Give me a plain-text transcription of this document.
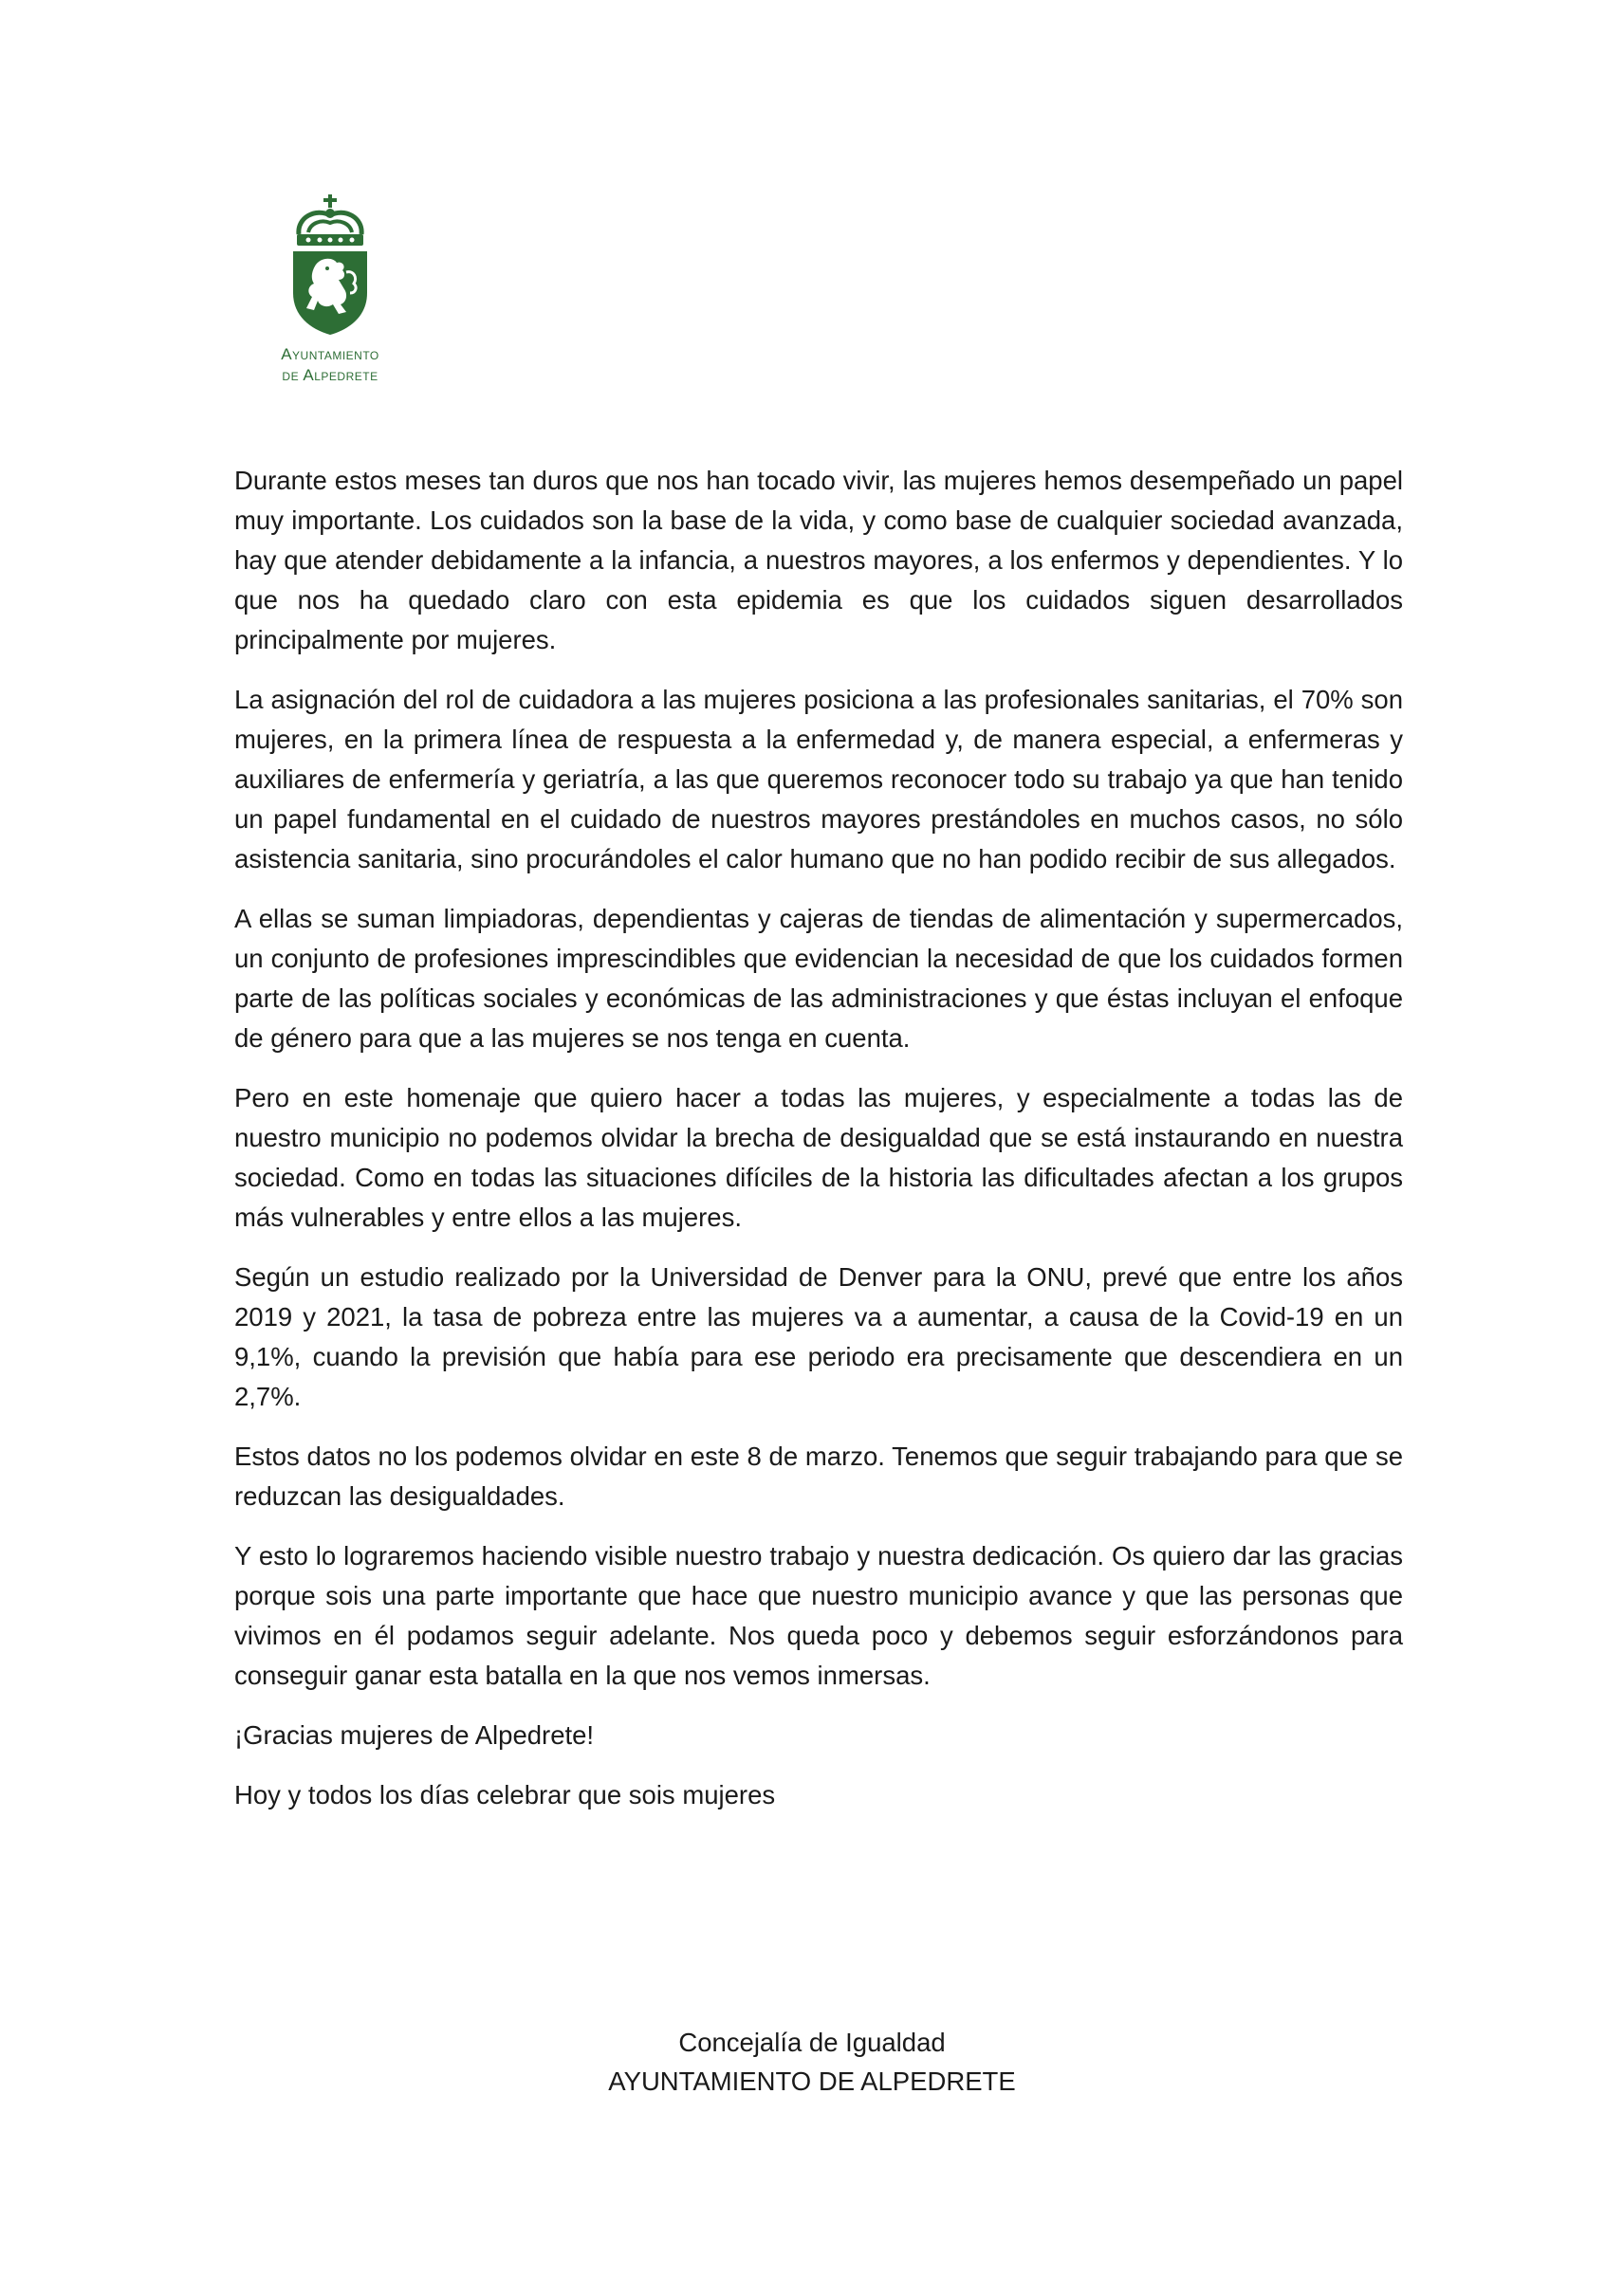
Ayuntamiento
de Alpedrete

Durante estos meses tan duros que nos han tocado vivir, las mujeres hemos desempeñado un papel muy importante. Los cuidados son la base de la vida, y como base de cualquier sociedad avanzada, hay que atender debidamente a la infancia, a nuestros mayores, a los enfermos y dependientes. Y lo que nos ha quedado claro con esta epidemia es que los cuidados siguen desarrollados principalmente por mujeres.

La asignación del rol de cuidadora a las mujeres posiciona a las profesionales sanitarias, el 70% son mujeres, en la primera línea de respuesta a la enfermedad y, de manera especial, a enfermeras y auxiliares de enfermería y geriatría, a las que queremos reconocer todo su trabajo ya que han tenido un papel fundamental en el cuidado de nuestros mayores prestándoles en muchos casos, no sólo asistencia sanitaria, sino procurándoles el calor humano que no han podido recibir de sus allegados.

A ellas se suman limpiadoras, dependientas y cajeras de tiendas de alimentación y supermercados, un conjunto de profesiones imprescindibles que evidencian la necesidad de que los cuidados formen parte de las políticas sociales y económicas de las administraciones y que éstas incluyan el enfoque de género para que a las mujeres se nos tenga en cuenta.

Pero en este homenaje que quiero hacer a todas las mujeres, y especialmente a todas las de nuestro municipio no podemos olvidar la brecha de desigualdad que se está instaurando en nuestra sociedad. Como en todas las situaciones difíciles de la historia las dificultades afectan a los grupos más vulnerables y entre ellos a las mujeres.

Según un estudio realizado por la Universidad de Denver para la ONU, prevé que entre los años 2019 y 2021, la tasa de pobreza entre las mujeres va a aumentar, a causa de la Covid-19 en un 9,1%, cuando la previsión que había para ese periodo era precisamente que descendiera en un 2,7%.

Estos datos no los podemos olvidar en este 8 de marzo. Tenemos que seguir trabajando para que se reduzcan las desigualdades.

Y esto lo lograremos haciendo visible nuestro trabajo y nuestra dedicación. Os quiero dar las gracias porque sois una parte importante que hace que nuestro municipio avance y que las personas que vivimos en él podamos seguir adelante. Nos queda poco y debemos seguir esforzándonos para conseguir ganar esta batalla en la que nos vemos inmersas.

¡Gracias mujeres de Alpedrete!

Hoy y todos los días celebrar que sois mujeres

Concejalía de Igualdad
AYUNTAMIENTO DE ALPEDRETE
